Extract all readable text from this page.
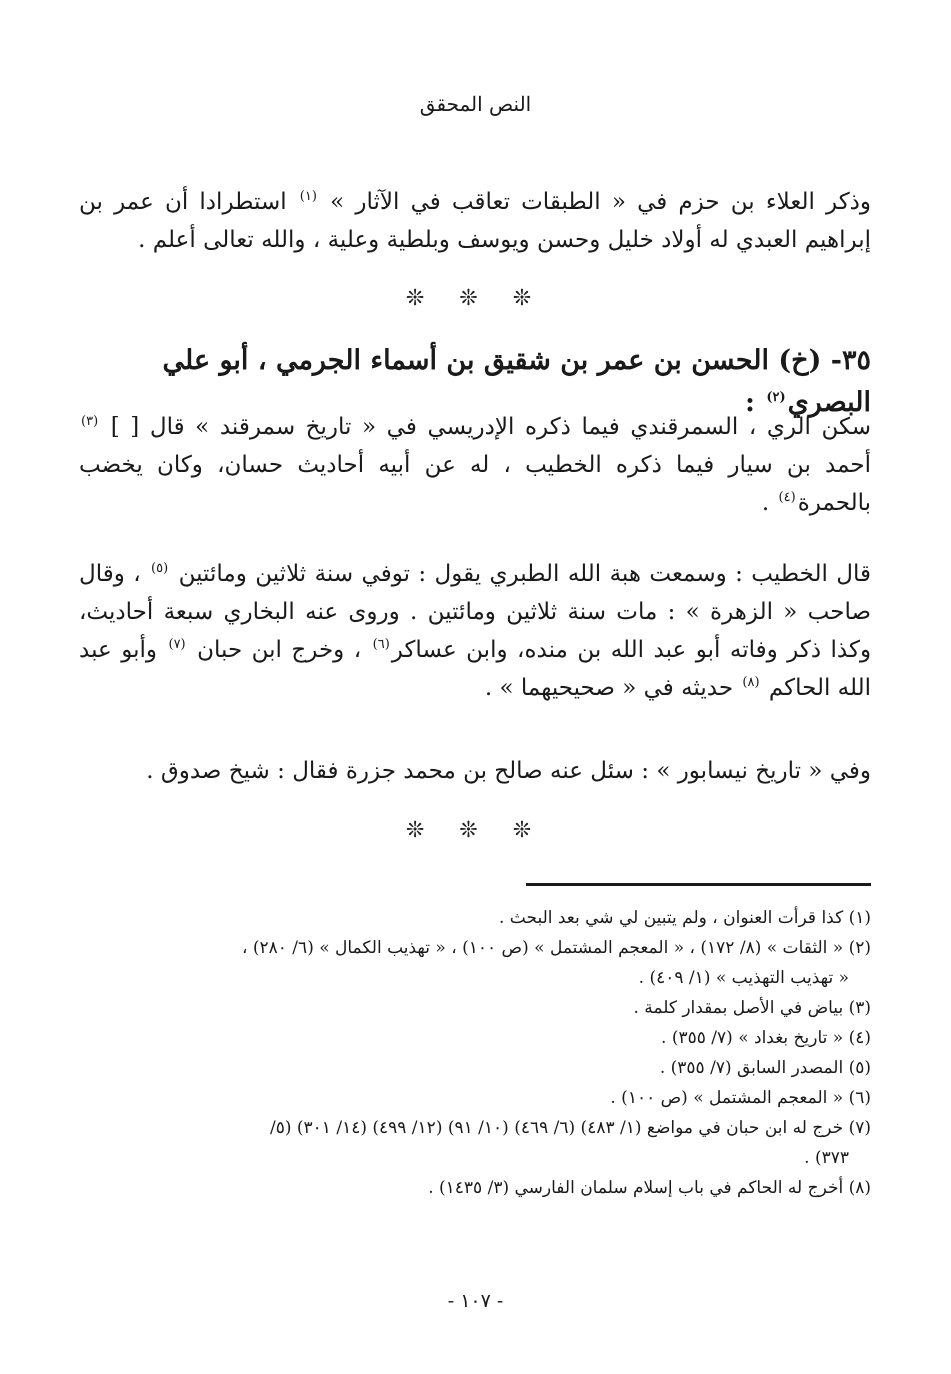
النص المحقق
وذكر العلاء بن حزم في « الطبقات تعاقب في الآثار » $^{(١)}$ استطرادا أن عمر بن إبراهيم العبدي له أولاد خليل وحسن ويوسف وبلطية وعلية ، والله تعالى أعلم .
❊ ❊ ❊
٣٥- (خ) الحسن بن عمر بن شقيق بن أسماء الجرمي ، أبو علي البصري$^{(٢)}$ :
سكن الري ، السمرقندي فيما ذكره الإدريسي في « تاريخ سمرقند » قال [ ] $^{(٣)}$ أحمد بن سيار فيما ذكره الخطيب ، له عن أبيه أحاديث حسان، وكان يخضب بالحمرة$^{(٤)}$ .
قال الخطيب : وسمعت هبة الله الطبري يقول : توفي سنة ثلاثين ومائتين $^{(٥)}$ ، وقال صاحب « الزهرة » : مات سنة ثلاثين ومائتين . وروى عنه البخاري سبعة أحاديث، وكذا ذكر وفاته أبو عبد الله بن منده، وابن عساكر$^{(٦)}$ ، وخرج ابن حبان $^{(٧)}$ وأبو عبد الله الحاكم $^{(٨)}$ حديثه في « صحيحيهما » .
وفي « تاريخ نيسابور » : سئل عنه صالح بن محمد جزرة فقال : شيخ صدوق .
❊ ❊ ❊
(١) كذا قرأت العنوان ، ولم يتبين لي شي بعد البحث .
(٢) « الثقات » (٨/ ١٧٢) ، « المعجم المشتمل » (ص ١٠٠) ، « تهذيب الكمال » (٦/ ٢٨٠) ،
« تهذيب التهذيب » (١/ ٤٠٩) .
(٣) بياض في الأصل بمقدار كلمة .
(٤) « تاريخ بغداد » (٧/ ٣٥٥) .
(٥) المصدر السابق (٧/ ٣٥٥) .
(٦) « المعجم المشتمل » (ص ١٠٠) .
(٧) خرج له ابن حبان في مواضع (١/ ٤٨٣) (٦/ ٤٦٩) (١٠/ ٩١) (١٢/ ٤٩٩) (١٤/ ٣٠١) (٥/
٣٧٣) .
(٨) أخرج له الحاكم في باب إسلام سلمان الفارسي (٣/ ١٤٣٥) .
- ١٠٧ -
